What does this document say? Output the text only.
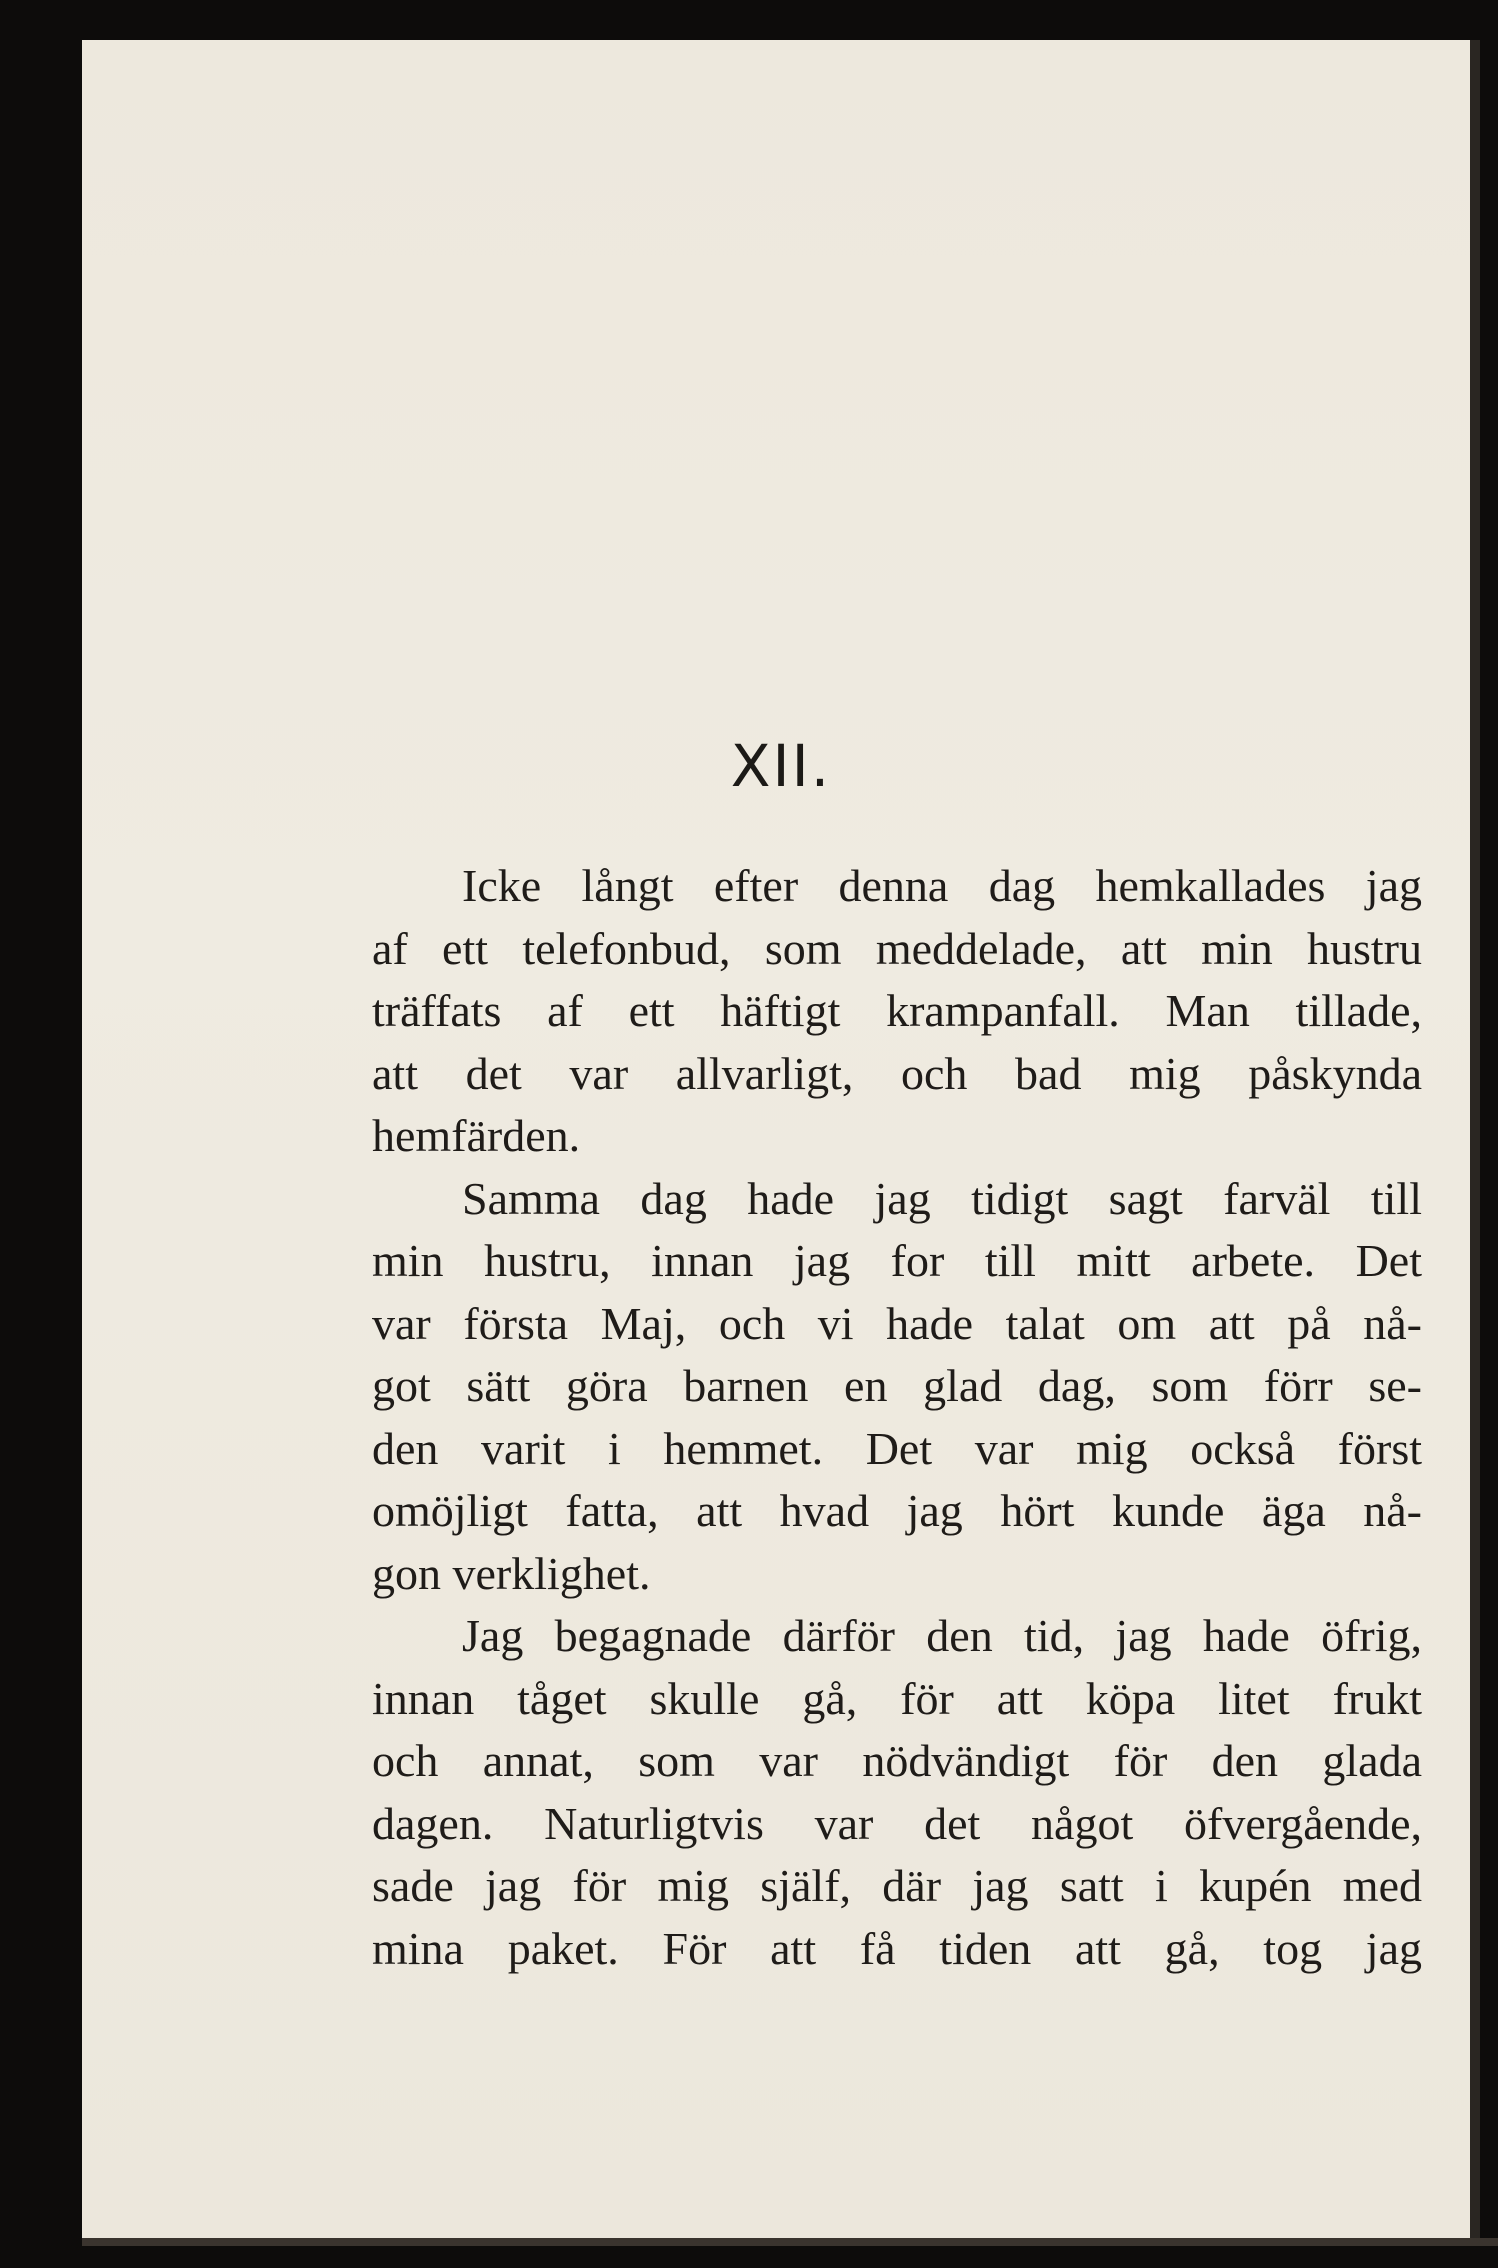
XII.
Icke långt efter denna dag hemkallades jag
af ett telefonbud, som meddelade, att min hustru
träffats af ett häftigt krampanfall. Man tillade,
att det var allvarligt, och bad mig påskynda
hemfärden.
Samma dag hade jag tidigt sagt farväl till
min hustru, innan jag for till mitt arbete. Det
var första Maj, och vi hade talat om att på nå-
got sätt göra barnen en glad dag, som förr se-
den varit i hemmet. Det var mig också först
omöjligt fatta, att hvad jag hört kunde äga nå-
gon verklighet.
Jag begagnade därför den tid, jag hade öfrig,
innan tåget skulle gå, för att köpa litet frukt
och annat, som var nödvändigt för den glada
dagen. Naturligtvis var det något öfvergående,
sade jag för mig själf, där jag satt i kupén med
mina paket. För att få tiden att gå, tog jag
